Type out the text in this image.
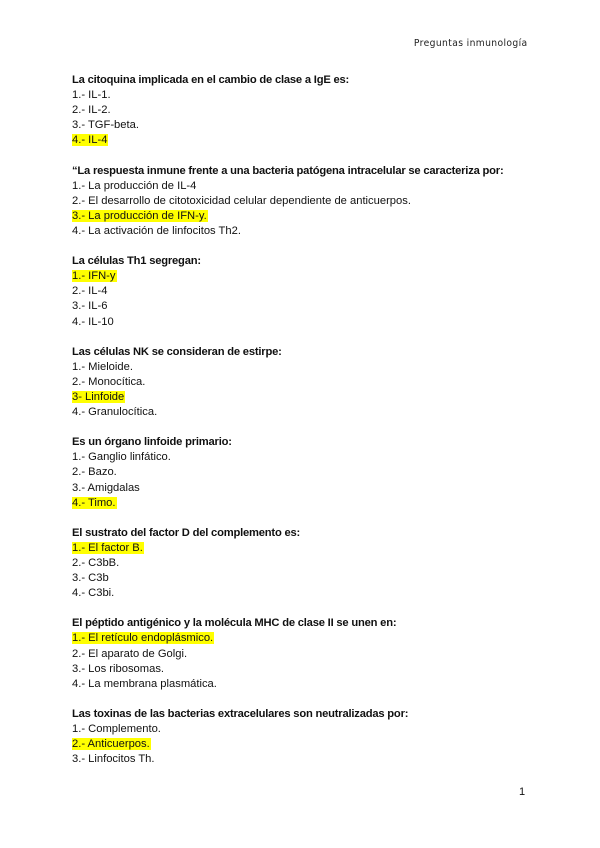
Preguntas inmunología
La citoquina implicada en el cambio de clase a IgE es:
1.- IL-1.
2.- IL-2.
3.- TGF-beta.
4.- IL-4
“La respuesta inmune frente a una bacteria patógena intracelular se caracteriza por:
1.- La producción de IL-4
2.- El desarrollo de citotoxicidad celular dependiente de anticuerpos.
3.- La producción de IFN-y.
4.- La activación de linfocitos Th2.
La células Th1 segregan:
1.- IFN-y
2.- IL-4
3.- IL-6
4.- IL-10
Las células NK se consideran de estirpe:
1.- Mieloide.
2.- Monocítica.
3- Linfoide
4.- Granulocítica.
Es un órgano linfoide primario:
1.- Ganglio linfático.
2.- Bazo.
3.- Amigdalas
4.- Timo.
El sustrato del factor D del complemento es:
1.- El factor B.
2.- C3bB.
3.- C3b
4.- C3bi.
El péptido antigénico y la molécula MHC de clase II se unen en:
1.- El retículo endoplásmico.
2.- El aparato de Golgi.
3.- Los ribosomas.
4.- La membrana plasmática.
Las toxinas de las bacterias extracelulares son neutralizadas por:
1.- Complemento.
2.- Anticuerpos.
3.- Linfocitos Th.
1
